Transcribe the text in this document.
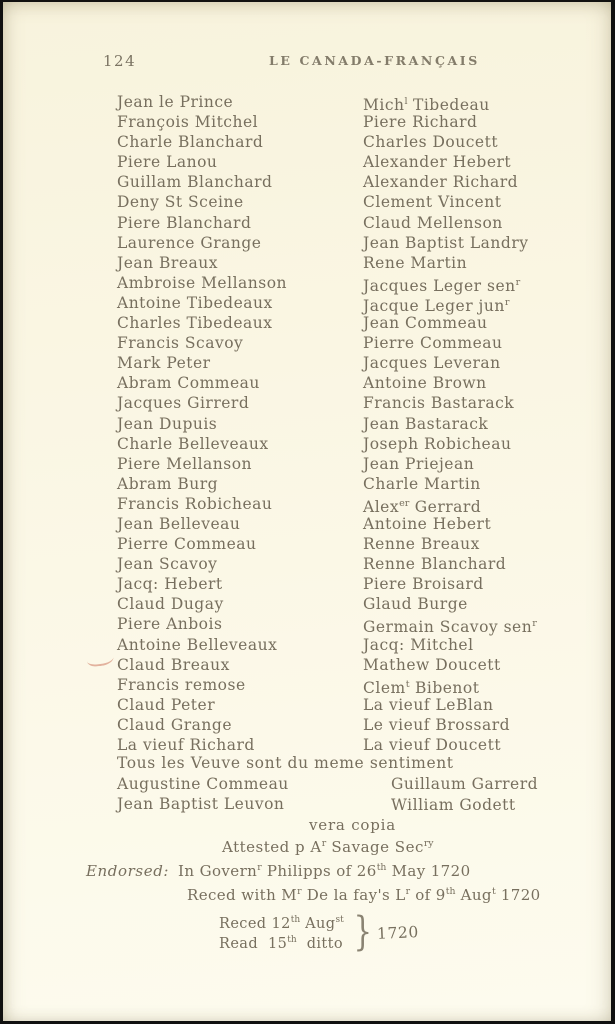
124	LE CANADA-FRANÇAIS
Jean le Prince	Mich$^l$ Tibedeau
François Mitchel	Piere Richard
Charle Blanchard	Charles Doucett
Piere Lanou	Alexander Hebert
Guillam Blanchard	Alexander Richard
Deny St Sceine	Clement Vincent
Piere Blanchard	Claud Mellenson
Laurence Grange	Jean Baptist Landry
Jean Breaux	Rene Martin
Ambroise Mellanson	Jacques Leger sen$^r$
Antoine Tibedeaux	Jacque Leger jun$^r$
Charles Tibedeaux	Jean Commeau
Francis Scavoy	Pierre Commeau
Mark Peter	Jacques Leveran
Abram Commeau	Antoine Brown
Jacques Girrerd	Francis Bastarack
Jean Dupuis	Jean Bastarack
Charle Belleveaux	Joseph Robicheau
Piere Mellanson	Jean Priejean
Abram Burg	Charle Martin
Francis Robicheau	Alex$^{er}$ Gerrard
Jean Belleveau	Antoine Hebert
Pierre Commeau	Renne Breaux
Jean Scavoy	Renne Blanchard
Jacq: Hebert	Piere Broisard
Claud Dugay	Glaud Burge
Piere Anbois	Germain Scavoy sen$^r$
Antoine Belleveaux	Jacq: Mitchel
Claud Breaux	Mathew Doucett
Francis remose	Clem$^t$ Bibenot
Claud Peter	La vieuf LeBlan
Claud Grange	Le vieuf Brossard
La vieuf Richard	La vieuf Doucett
Tous les Veuve sont du meme sentiment
Augustine Commeau	Guillaum Garrerd
Jean Baptist Leuvon	William Godett
vera copia
Attested p $A^r$ Savage Sec$^{ry}$
Endorsed: In Govern$^r$ Philipps of 26th May 1720
Reced with $M^r$ De la fay's $L^r$ of 9th Aug$^t$ 1720
Reced 12th Aug$^{st}$
Read 15th ditto } 1720
